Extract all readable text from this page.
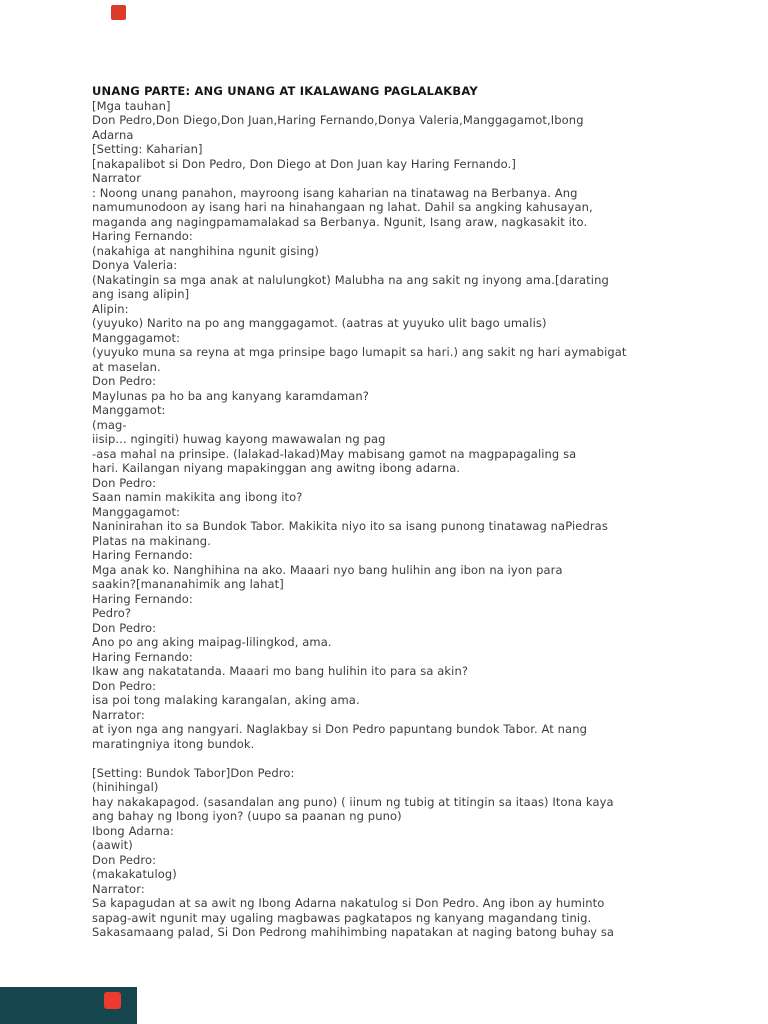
UNANG PARTE: ANG UNANG AT IKALAWANG PAGLALAKBAY
[Mga tauhan]
Don Pedro,Don Diego,Don Juan,Haring Fernando,Donya Valeria,Manggagamot,Ibong
Adarna
[Setting: Kaharian]
[nakapalibot si Don Pedro, Don Diego at Don Juan kay Haring Fernando.]
Narrator
: Noong unang panahon, mayroong isang kaharian na tinatawag na Berbanya. Ang
namumunodoon ay isang hari na hinahangaan ng lahat. Dahil sa angking kahusayan,
maganda ang nagingpamamalakad sa Berbanya. Ngunit, Isang araw, nagkasakit ito.
Haring Fernando:
(nakahiga at nanghihina ngunit gising)
Donya Valeria:
(Nakatingin sa mga anak at nalulungkot) Malubha na ang sakit ng inyong ama.[darating
ang isang alipin]
Alipin:
(yuyuko) Narito na po ang manggagamot. (aatras at yuyuko ulit bago umalis)
Manggagamot:
(yuyuko muna sa reyna at mga prinsipe bago lumapit sa hari.) ang sakit ng hari aymabigat
at maselan.
Don Pedro:
Maylunas pa ho ba ang kanyang karamdaman?
Manggamot:
(mag-
iisip... ngingiti) huwag kayong mawawalan ng pag
-asa mahal na prinsipe. (lalakad-lakad)May mabisang gamot na magpapagaling sa
hari. Kailangan niyang mapakinggan ang awitng ibong adarna.
Don Pedro:
Saan namin makikita ang ibong ito?
Manggagamot:
Naninirahan ito sa Bundok Tabor. Makikita niyo ito sa isang punong tinatawag naPiedras
Platas na makinang.
Haring Fernando:
Mga anak ko. Nanghihina na ako. Maaari nyo bang hulihin ang ibon na iyon para
saakin?[mananahimik ang lahat]
Haring Fernando:
Pedro?
Don Pedro:
Ano po ang aking maipag-lilingkod, ama.
Haring Fernando:
Ikaw ang nakatatanda. Maaari mo bang hulihin ito para sa akin?
Don Pedro:
isa poi tong malaking karangalan, aking ama.
Narrator:
at iyon nga ang nangyari. Naglakbay si Don Pedro papuntang bundok Tabor. At nang
maratingniya itong bundok.

[Setting: Bundok Tabor]Don Pedro:
(hinihingal)
hay nakakapagod. (sasandalan ang puno) ( iinum ng tubig at titingin sa itaas) Itona kaya
ang bahay ng Ibong iyon? (uupo sa paanan ng puno)
Ibong Adarna:
(aawit)
Don Pedro:
(makakatulog)
Narrator:
Sa kapagudan at sa awit ng Ibong Adarna nakatulog si Don Pedro. Ang ibon ay huminto
sapag-awit ngunit may ugaling magbawas pagkatapos ng kanyang magandang tinig.
Sakasamaang palad, Si Don Pedrong mahihimbing napatakan at naging batong buhay sa
